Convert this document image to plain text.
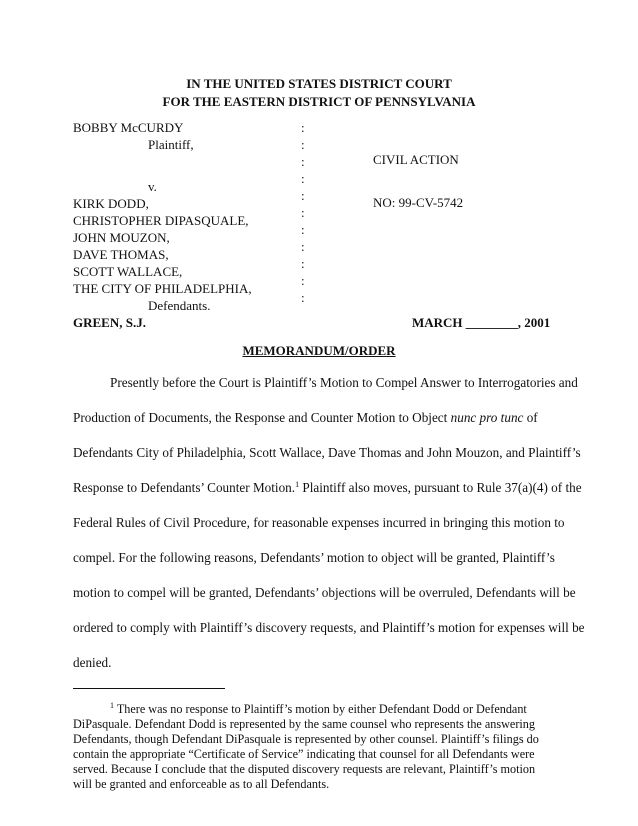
IN THE UNITED STATES DISTRICT COURT
FOR THE EASTERN DISTRICT OF PENNSYLVANIA
BOBBY McCURDY
Plaintiff,
v.
KIRK DODD,
CHRISTOPHER DIPASQUALE,
JOHN MOUZON,
DAVE THOMAS,
SCOTT WALLACE,
THE CITY OF PHILADELPHIA,
Defendants.
:
:
:
:
:
:
:
:
:
:
:
CIVIL ACTION
NO: 99-CV-5742
GREEN, S.J.	MARCH ________, 2001
MEMORANDUM/ORDER
Presently before the Court is Plaintiff’s Motion to Compel Answer to Interrogatories and
Production of Documents, the Response and Counter Motion to Object nunc pro tunc of
Defendants City of Philadelphia, Scott Wallace, Dave Thomas and John Mouzon, and Plaintiff’s
Response to Defendants’ Counter Motion.$^1$ Plaintiff also moves, pursuant to Rule 37(a)(4) of the
Federal Rules of Civil Procedure, for reasonable expenses incurred in bringing this motion to
compel. For the following reasons, Defendants’ motion to object will be granted, Plaintiff’s
motion to compel will be granted, Defendants’ objections will be overruled, Defendants will be
ordered to comply with Plaintiff’s discovery requests, and Plaintiff’s motion for expenses will be
denied.
$^1$ There was no response to Plaintiff’s motion by either Defendant Dodd or Defendant
DiPasquale. Defendant Dodd is represented by the same counsel who represents the answering
Defendants, though Defendant DiPasquale is represented by other counsel. Plaintiff’s filings do
contain the appropriate “Certificate of Service” indicating that counsel for all Defendants were
served. Because I conclude that the disputed discovery requests are relevant, Plaintiff’s motion
will be granted and enforceable as to all Defendants.
